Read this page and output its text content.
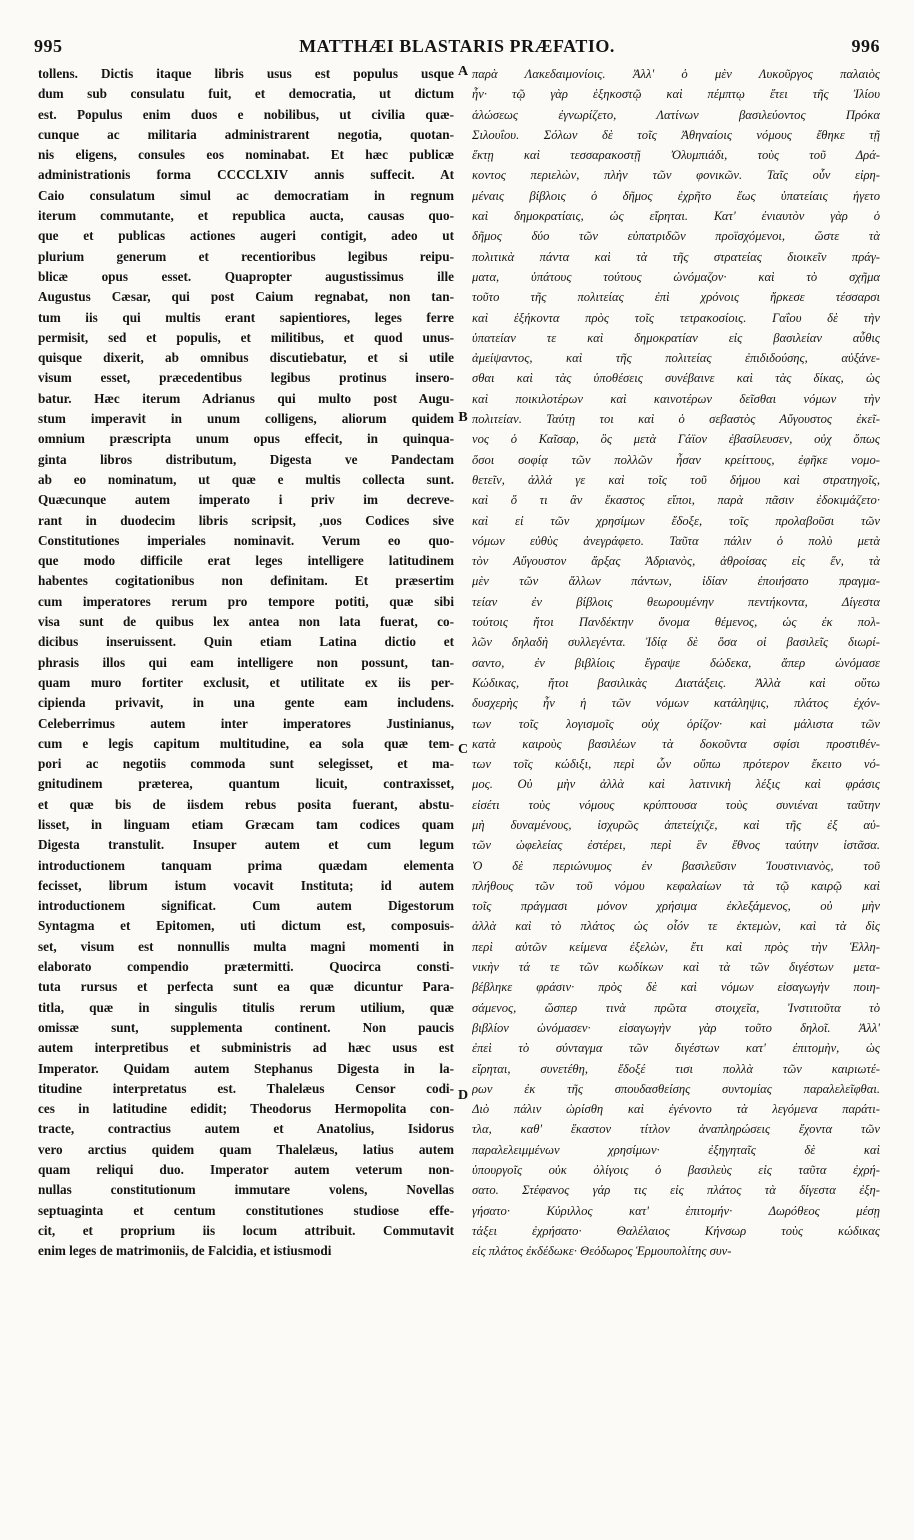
995	MATTHÆI BLASTARIS PRÆFATIO.	996
tollens. Dictis itaque libris usus est populus usque
dum sub consulatu fuit, et democratia, ut dictum
est. Populus enim duos e nobilibus, ut civilia quæ-
cunque ac militaria administrarent negotia, quotan-
nis eligens, consules eos nominabat. Et hæc publicæ
administrationis forma CCCCLXIV annis suffecit. At
Caio consulatum simul ac democratiam in regnum
iterum commutante, et republica aucta, causas quo-
que et publicas actiones augeri contigit, adeo ut
plurium generum et recentioribus legibus reipu-
blicæ opus esset. Quapropter augustissimus ille
Augustus Cæsar, qui post Caium regnabat, non tan-
tum iis qui multis erant sapientiores, leges ferre
permisit, sed et populis, et militibus, et quod unus-
quisque dixerit, ab omnibus discutiebatur, et si utile
visum esset, præcedentibus legibus protinus insero-
batur. Hæc iterum Adrianus qui multo post Augu-
stum imperavit in unum colligens, aliorum quidem
omnium præscripta unum opus effecit, in quinqua-
ginta libros distributum, Digesta ve Pandectam
ab eo nominatum, ut quæ e multis collecta sunt.
Quæcunque autem imperato i priv im decreve-
rant in duodecim libris scripsit, ,uos Codices sive
Constitutiones imperiales nominavit. Verum eo quo-
que modo difficile erat leges intelligere latitudinem
habentes cogitationibus non definitam. Et præsertim
cum imperatores rerum pro tempore potiti, quæ sibi
visa sunt de quibus lex antea non lata fuerat, co-
dicibus inseruissent. Quin etiam Latina dictio et
phrasis illos qui eam intelligere non possunt, tan-
quam muro fortiter exclusit, et utilitate ex iis per-
cipienda privavit, in una gente eam includens.
Celeberrimus autem inter imperatores Justinianus,
cum e legis capitum multitudine, ea sola quæ tem-
pori ac negotiis commoda sunt selegisset, et ma-
gnitudinem præterea, quantum licuit, contraxisset,
et quæ bis de iisdem rebus posita fuerant, abstu-
lisset, in linguam etiam Græcam tam codices quam
Digesta transtulit. Insuper autem et cum legum
introductionem tanquam prima quædam elementa
fecisset, librum istum vocavit Instituta; id autem
introductionem significat. Cum autem Digestorum
Syntagma et Epitomen, uti dictum est, composuis-
set, visum est nonnullis multa magni momenti in
elaborato compendio prætermitti. Quocirca consti-
tuta rursus et perfecta sunt ea quæ dicuntur Para-
titla, quæ in singulis titulis rerum utilium, quæ
omissæ sunt, supplementa continent. Non paucis
autem interpretibus et subministris ad hæc usus est
Imperator. Quidam autem Stephanus Digesta in la-
titudine interpretatus est. Thalelæus Censor codi-
ces in latitudine edidit; Theodorus Hermopolita con-
tracte, contractius autem et Anatolius, Isidorus
vero arctius quidem quam Thalelæus, latius autem
quam reliqui duo. Imperator autem veterum non-
nullas constitutionum immutare volens, Novellas
septuaginta et centum constitutiones studiose effe-
cit, et proprium iis locum attribuit. Commutavit
enim leges de matrimoniis, de Falcidia, et istiusmodi
παρὰ Λακεδαιμονίοις. Ἀλλ' ὁ μὲν Λυκοῦργος παλαιὸς
ἦν· τῷ γὰρ ἑξηκοστῷ καὶ πέμπτῳ ἔτει τῆς Ἰλίου
ἁλώσεως ἐγνωρίζετο, Λατίνων βασιλεύοντος Πρόκα
Σιλουΐου. Σόλων δὲ τοῖς Ἀθηναίοις νόμους ἔθηκε τῇ
ἕκτῃ καὶ τεσσαρακοστῇ Ὀλυμπιάδι, τοὺς τοῦ Δρά-
κοντος περιελὼν, πλὴν τῶν φονικῶν. Ταῖς οὖν εἰρη-
μέναις βίβλοις ὁ δῆμος ἐχρῆτο ἕως ὑπατείαις ἡγετο
καὶ δημοκρατίαις, ὡς εἴρηται. Κατ' ἐνιαυτὸν γὰρ ὁ
δῆμος δύο τῶν εὐπατριδῶν προϊσχόμενοι, ὥστε τὰ
πολιτικὰ πάντα καὶ τὰ τῆς στρατείας διοικεῖν πράγ-
ματα, ὑπάτους τούτους ὠνόμαζον· καὶ τὸ σχῆμα
τοῦτο τῆς πολιτείας ἐπὶ χρόνοις ἤρκεσε τέσσαρσι
καὶ ἑξήκοντα πρὸς τοῖς τετρακοσίοις. Γαΐου δὲ τὴν
ὑπατείαν τε καὶ δημοκρατίαν εἰς βασιλείαν αὖθις
ἀμείψαντος, καὶ τῆς πολιτείας ἐπιδιδούσης, αὐξάνε-
σθαι καὶ τὰς ὑποθέσεις συνέβαινε καὶ τὰς δίκας, ὡς
καὶ ποικιλοτέρων καὶ καινοτέρων δεῖσθαι νόμων τὴν
πολιτείαν. Ταύτῃ τοι καὶ ὁ σεβαστὸς Αὔγουστος ἐκεῖ-
νος ὁ Καῖσαρ, ὃς μετὰ Γάϊον ἐβασίλευσεν, οὐχ ὅπως
ὅσοι σοφίᾳ τῶν πολλῶν ἦσαν κρείττους, ἐφῆκε νομο-
θετεῖν, ἀλλά γε καὶ τοῖς τοῦ δήμου καὶ στρατηγοῖς,
καὶ ὅ τι ἂν ἕκαστος εἴποι, παρὰ πᾶσιν ἐδοκιμάζετο·
καὶ εἰ τῶν χρησίμων ἔδοξε, τοῖς προλαβοῦσι τῶν
νόμων εὐθὺς ἀνεγράφετο. Ταῦτα πάλιν ὁ πολὺ μετὰ
τὸν Αὔγουστον ἄρξας Ἀδριανὸς, ἀθροίσας εἰς ἕν, τὰ
μὲν τῶν ἄλλων πάντων, ἰδίαν ἐποιήσατο πραγμα-
τείαν ἐν βίβλοις θεωρουμένην πεντήκοντα, Δίγεστα
τούτοις ἤτοι Πανδέκτην ὄνομα θέμενος, ὡς ἐκ πολ-
λῶν δηλαδὴ συλλεγέντα. Ἰδίᾳ δὲ ὅσα οἱ βασιλεῖς διωρί-
σαντο, ἐν βιβλίοις ἔγραψε δώδεκα, ἅπερ ὠνόμασε
Κώδικας, ἤτοι βασιλικὰς Διατάξεις. Ἀλλὰ καὶ οὕτω
δυσχερὴς ἦν ἡ τῶν νόμων κατάληψις, πλάτος ἐχόν-
των τοῖς λογισμοῖς οὐχ ὁρίζον· καὶ μάλιστα τῶν
κατὰ καιροὺς βασιλέων τὰ δοκοῦντα σφίσι προστιθέν-
των τοῖς κώδιξι, περὶ ὧν οὔπω πρότερον ἔκειτο νό-
μος. Οὐ μὴν ἀλλὰ καὶ λατινικὴ λέξις καὶ φράσις
εἰσέτι τοὺς νόμους κρύπτουσα τοὺς συνιέναι ταῦτην
μὴ δυναμένους, ἰσχυρῶς ἀπετείχιζε, καὶ τῆς ἐξ αὐ-
τῶν ὠφελείας ἐστέρει, περὶ ἓν ἔθνος ταύτην ἱστᾶσα.
Ὁ δὲ περιώνυμος ἐν βασιλεῦσιν Ἰουστινιανὸς, τοῦ
πλήθους τῶν τοῦ νόμου κεφαλαίων τὰ τῷ καιρῷ καὶ
τοῖς πράγμασι μόνον χρήσιμα ἐκλεξάμενος, οὐ μὴν
ἀλλὰ καὶ τὸ πλάτος ὡς οἷόν τε ἐκτεμὼν, καὶ τὰ δὶς
περὶ αὐτῶν κείμενα ἐξελὼν, ἔτι καὶ πρὸς τὴν Ἑλλη-
νικὴν τά τε τῶν κωδίκων καὶ τὰ τῶν διγέστων μετα-
βέβληκε φράσιν· πρὸς δὲ καὶ νόμων εἰσαγωγὴν ποιη-
σάμενος, ὥσπερ τινὰ πρῶτα στοιχεῖα, Ἰνστιτοῦτα τὸ
βιβλίον ὠνόμασεν· εἰσαγωγὴν γὰρ τοῦτο δηλοῖ. Ἀλλ'
ἐπεὶ τὸ σύνταγμα τῶν διγέστων κατ' ἐπιτομὴν, ὡς
εἴρηται, συνετέθη, ἔδοξέ τισι πολλὰ τῶν καιριωτέ-
ρων ἐκ τῆς σπουδασθείσης συντομίας παραλελεῖφθαι.
Διὸ πάλιν ὡρίσθη καὶ ἐγένοντο τὰ λεγόμενα παράτι-
τλα, καθ' ἕκαστον τίτλον ἀναπληρώσεις ἔχοντα τῶν
παραλελειμμένων χρησίμων· ἐξηγηταῖς δὲ καὶ
ὑπουργοῖς οὐκ ὀλίγοις ὁ βασιλεὺς εἰς ταῦτα ἐχρή-
σατο. Στέφανος γάρ τις εἰς πλάτος τὰ δίγεστα ἐξη-
γήσατο· Κύριλλος κατ' ἐπιτομήν· Δωρόθεος μέσῃ
τάξει ἐχρήσατο· Θαλέλαιος Κήνσωρ τοὺς κώδικας
εἰς πλάτος ἐκδέδωκε· Θεόδωρος Ἑρμουπολίτης συν-
A
B
C
D
